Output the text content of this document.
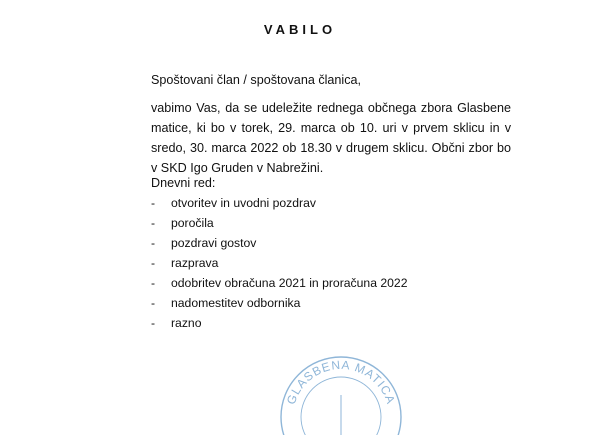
VABILO
Spoštovani član / spoštovana članica,
vabimo Vas, da se udeležite rednega občnega zbora Glasbene matice, ki bo v torek, 29. marca ob 10. uri v prvem sklicu in v sredo, 30. marca 2022 ob 18.30 v drugem sklicu. Občni zbor bo v SKD Igo Gruden v Nabrežini.
Dnevni red:
-	otvoritev in uvodni pozdrav
-	poročila
-	pozdravi gostov
-	razprava
-	odobritev obračuna 2021 in proračuna 2022
-	nadomestitev odbornika
-	razno
GLASBENA MATICA
